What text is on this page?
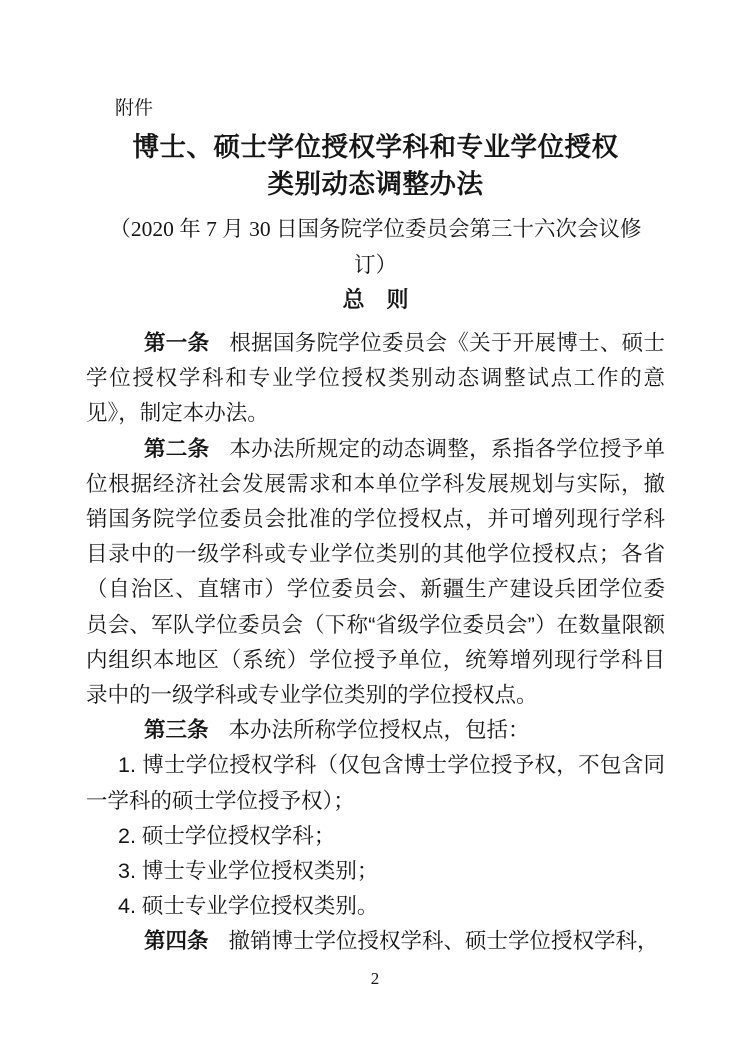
附件
博士、硕士学位授权学科和专业学位授权
类别动态调整办法
（2020 年 7 月 30 日国务院学位委员会第三十六次会议修
订）
总　则

第一条 根据国务院学位委员会《关于开展博士、硕士学位授权学科和专业学位授权类别动态调整试点工作的意见》，制定本办法。

第二条 本办法所规定的动态调整，系指各学位授予单位根据经济社会发展需求和本单位学科发展规划与实际，撤销国务院学位委员会批准的学位授权点，并可增列现行学科目录中的一级学科或专业学位类别的其他学位授权点；各省（自治区、直辖市）学位委员会、新疆生产建设兵团学位委员会、军队学位委员会（下称“省级学位委员会”）在数量限额内组织本地区（系统）学位授予单位，统筹增列现行学科目录中的一级学科或专业学位类别的学位授权点。

第三条 本办法所称学位授权点，包括：

1. 博士学位授权学科（仅包含博士学位授予权，不包含同一学科的硕士学位授予权）；

2. 硕士学位授权学科；

3. 博士专业学位授权类别；

4. 硕士专业学位授权类别。

第四条 撤销博士学位授权学科、硕士学位授权学科，

2
